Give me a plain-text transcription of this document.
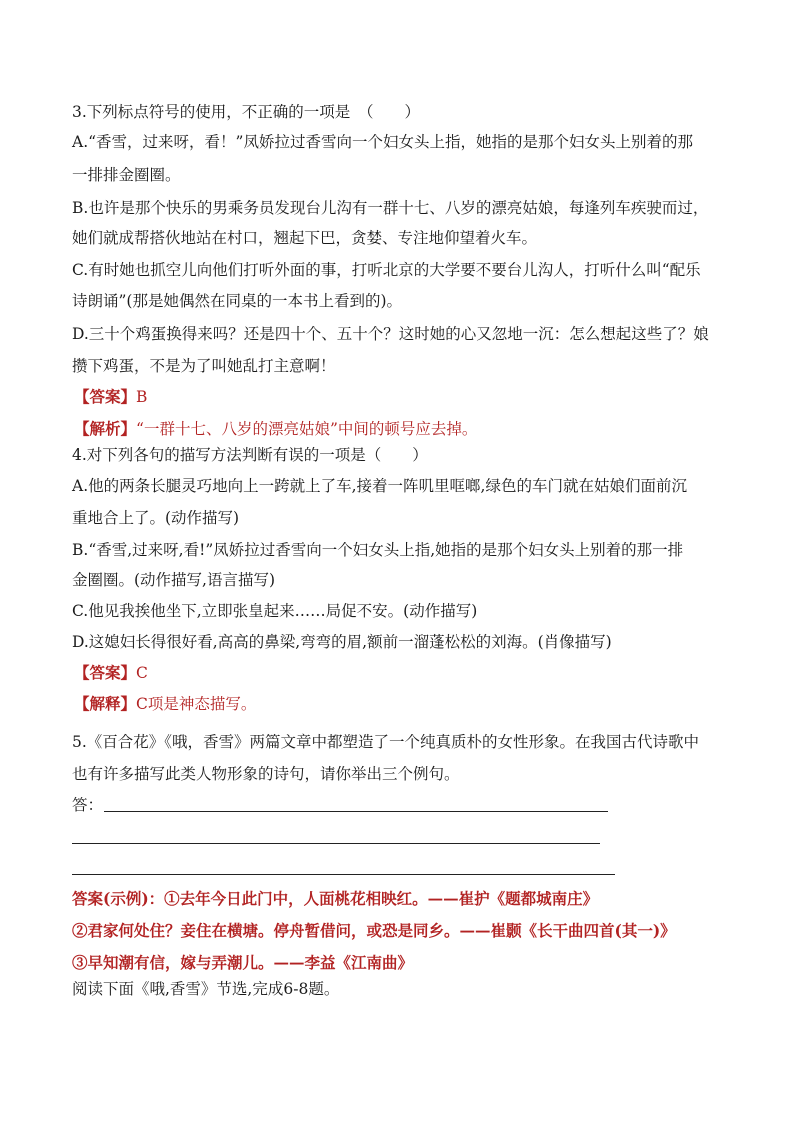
3.下列标点符号的使用，不正确的一项是　（　　）
A.“香雪，过来呀，看！”凤娇拉过香雪向一个妇女头上指，她指的是那个妇女头上别着的那
一排排金圈圈。
B.也许是那个快乐的男乘务员发现台儿沟有一群十七、八岁的漂亮姑娘，每逢列车疾驶而过，
她们就成帮搭伙地站在村口，翘起下巴，贪婪、专注地仰望着火车。
C.有时她也抓空儿向他们打听外面的事，打听北京的大学要不要台儿沟人，打听什么叫“配乐
诗朗诵”(那是她偶然在同桌的一本书上看到的)。
D.三十个鸡蛋换得来吗？还是四十个、五十个？这时她的心又忽地一沉：怎么想起这些了？娘
攒下鸡蛋，不是为了叫她乱打主意啊！
【答案】B
【解析】“一群十七、八岁的漂亮姑娘”中间的顿号应去掉。
4.对下列各句的描写方法判断有误的一项是（　　）
A.他的两条长腿灵巧地向上一跨就上了车,接着一阵叽里哐啷,绿色的车门就在姑娘们面前沉
重地合上了。(动作描写)
B.“香雪,过来呀,看!”凤娇拉过香雪向一个妇女头上指,她指的是那个妇女头上别着的那一排
金圈圈。(动作描写,语言描写)
C.他见我挨他坐下,立即张皇起来……局促不安。(动作描写)
D.这媳妇长得很好看,高高的鼻梁,弯弯的眉,额前一溜蓬松松的刘海。(肖像描写)
【答案】C
【解释】C项是神态描写。
5.《百合花》《哦，香雪》两篇文章中都塑造了一个纯真质朴的女性形象。在我国古代诗歌中
也有许多描写此类人物形象的诗句，请你举出三个例句。
答：
答案(示例)：①去年今日此门中，人面桃花相映红。——崔护《题都城南庄》
②君家何处住？妾住在横塘。停舟暂借问，或恐是同乡。——崔颢《长干曲四首(其一)》
③早知潮有信，嫁与弄潮儿。——李益《江南曲》
阅读下面《哦,香雪》节选,完成6-8题。
